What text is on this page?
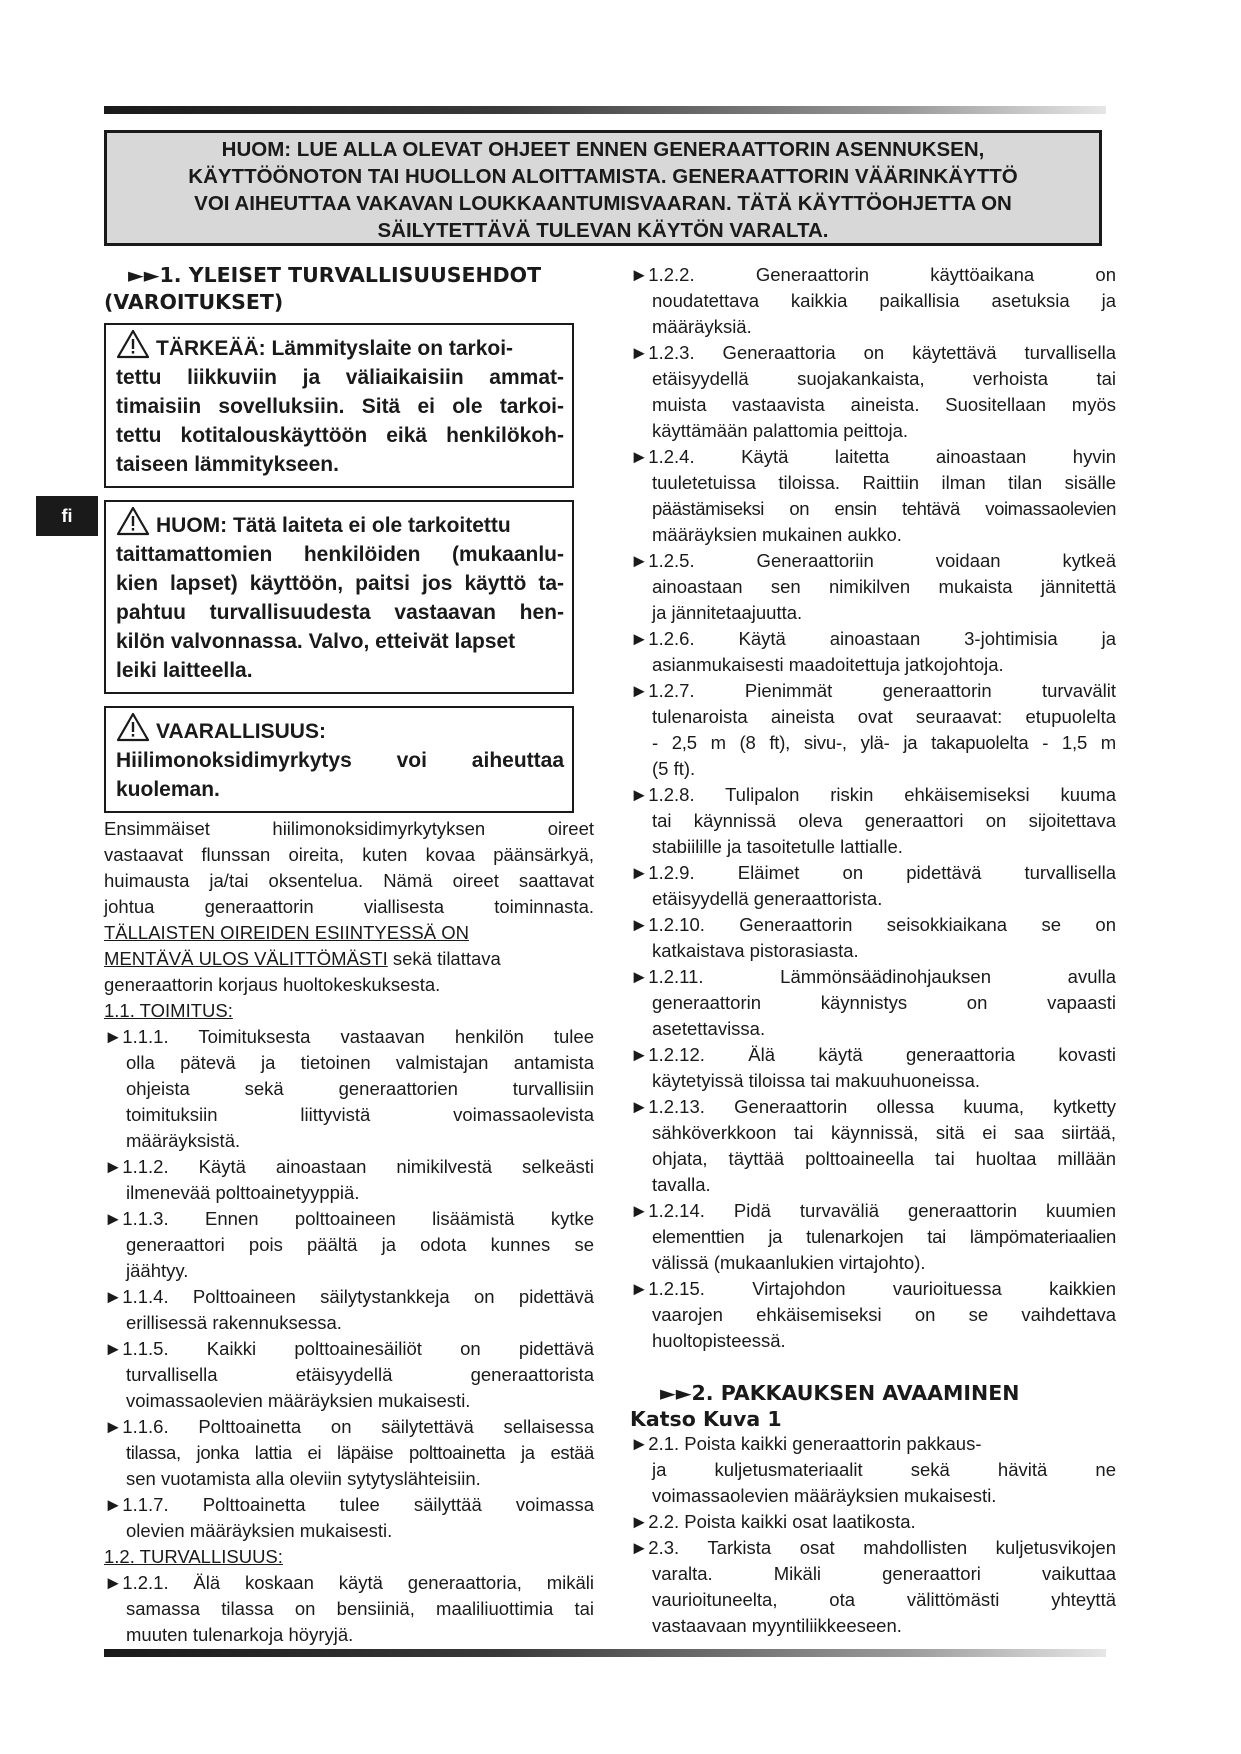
HUOM: LUE ALLA OLEVAT OHJEET ENNEN GENERAATTORIN ASENNUKSEN,
KÄYTTÖÖNOTON TAI HUOLLON ALOITTAMISTA. GENERAATTORIN VÄÄRINKÄYTTÖ
VOI AIHEUTTAA VAKAVAN LOUKKAANTUMISVAARAN. TÄTÄ KÄYTTÖOHJETTA ON
SÄILYTETTÄVÄ TULEVAN KÄYTÖN VARALTA.
fi
►►1. YLEISET TURVALLISUUSEHDOT
(VAROITUKSET)
TÄRKEÄÄ: Lämmityslaite on tarkoi-
tettu liikkuviin ja väliaikaisiin ammat-
timaisiin sovelluksiin. Sitä ei ole tarkoi-
tettu kotitalouskäyttöön eikä henkilökoh-
taiseen lämmitykseen.
HUOM: Tätä laiteta ei ole tarkoitettu
taittamattomien henkilöiden (mukaanlu-
kien lapset) käyttöön, paitsi jos käyttö ta-
pahtuu turvallisuudesta vastaavan hen-
kilön valvonnassa. Valvo, etteivät lapset
leiki laitteella.
VAARALLISUUS:
Hiilimonoksidimyrkytys voi aiheuttaa
kuoleman.
Ensimmäiset hiilimonoksidimyrkytyksen oireet
vastaavat flunssan oireita, kuten kovaa päänsärkyä,
huimausta ja/tai oksentelua. Nämä oireet saattavat
johtua generaattorin viallisesta toiminnasta.
TÄLLAISTEN OIREIDEN ESIINTYESSÄ ON
MENTÄVÄ ULOS VÄLITTÖMÄSTI sekä tilattava
generaattorin korjaus huoltokeskuksesta.
1.1. TOIMITUS:
►1.1.1. Toimituksesta vastaavan henkilön tulee
olla pätevä ja tietoinen valmistajan antamista
ohjeista sekä generaattorien turvallisiin
toimituksiin liittyvistä voimassaolevista
määräyksistä.
►1.1.2. Käytä ainoastaan nimikilvestä selkeästi
ilmenevää polttoainetyyppiä.
►1.1.3. Ennen polttoaineen lisäämistä kytke
generaattori pois päältä ja odota kunnes se
jäähtyy.
►1.1.4. Polttoaineen säilytystankkeja on pidettävä
erillisessä rakennuksessa.
►1.1.5. Kaikki polttoainesäiliöt on pidettävä
turvallisella etäisyydellä generaattorista
voimassaolevien määräyksien mukaisesti.
►1.1.6. Polttoainetta on säilytettävä sellaisessa
tilassa, jonka lattia ei läpäise polttoainetta ja estää
sen vuotamista alla oleviin sytytyslähteisiin.
►1.1.7. Polttoainetta tulee säilyttää voimassa
olevien määräyksien mukaisesti.
1.2. TURVALLISUUS:
►1.2.1. Älä koskaan käytä generaattoria, mikäli
samassa tilassa on bensiiniä, maaliliuottimia tai
muuten tulenarkoja höyryjä.
►1.2.2. Generaattorin käyttöaikana on
noudatettava kaikkia paikallisia asetuksia ja
määräyksiä.
►1.2.3. Generaattoria on käytettävä turvallisella
etäisyydellä suojakankaista, verhoista tai
muista vastaavista aineista. Suositellaan myös
käyttämään palattomia peittoja.
►1.2.4. Käytä laitetta ainoastaan hyvin
tuuletetuissa tiloissa. Raittiin ilman tilan sisälle
päästämiseksi on ensin tehtävä voimassaolevien
määräyksien mukainen aukko.
►1.2.5. Generaattoriin voidaan kytkeä
ainoastaan sen nimikilven mukaista jännitettä
ja jännitetaajuutta.
►1.2.6. Käytä ainoastaan 3-johtimisia ja
asianmukaisesti maadoitettuja jatkojohtoja.
►1.2.7. Pienimmät generaattorin turvavälit
tulenaroista aineista ovat seuraavat: etupuolelta
- 2,5 m (8 ft), sivu-, ylä- ja takapuolelta - 1,5 m
(5 ft).
►1.2.8. Tulipalon riskin ehkäisemiseksi kuuma
tai käynnissä oleva generaattori on sijoitettava
stabiilille ja tasoitetulle lattialle.
►1.2.9. Eläimet on pidettävä turvallisella
etäisyydellä generaattorista.
►1.2.10. Generaattorin seisokkiaikana se on
katkaistava pistorasiasta.
►1.2.11. Lämmönsäädinohjauksen avulla
generaattorin käynnistys on vapaasti
asetettavissa.
►1.2.12. Älä käytä generaattoria kovasti
käytetyissä tiloissa tai makuuhuoneissa.
►1.2.13. Generaattorin ollessa kuuma, kytketty
sähköverkkoon tai käynnissä, sitä ei saa siirtää,
ohjata, täyttää polttoaineella tai huoltaa millään
tavalla.
►1.2.14. Pidä turvaväliä generaattorin kuumien
elementtien ja tulenarkojen tai lämpömateriaalien
välissä (mukaanlukien virtajohto).
►1.2.15. Virtajohdon vaurioituessa kaikkien
vaarojen ehkäisemiseksi on se vaihdettava
huoltopisteessä.
►►2. PAKKAUKSEN AVAAMINEN
Katso Kuva 1
►2.1. Poista kaikki generaattorin pakkaus-
ja kuljetusmateriaalit sekä hävitä ne
voimassaolevien määräyksien mukaisesti.
►2.2. Poista kaikki osat laatikosta.
►2.3. Tarkista osat mahdollisten kuljetusvikojen
varalta. Mikäli generaattori vaikuttaa
vaurioituneelta, ota välittömästi yhteyttä
vastaavaan myyntiliikkeeseen.
